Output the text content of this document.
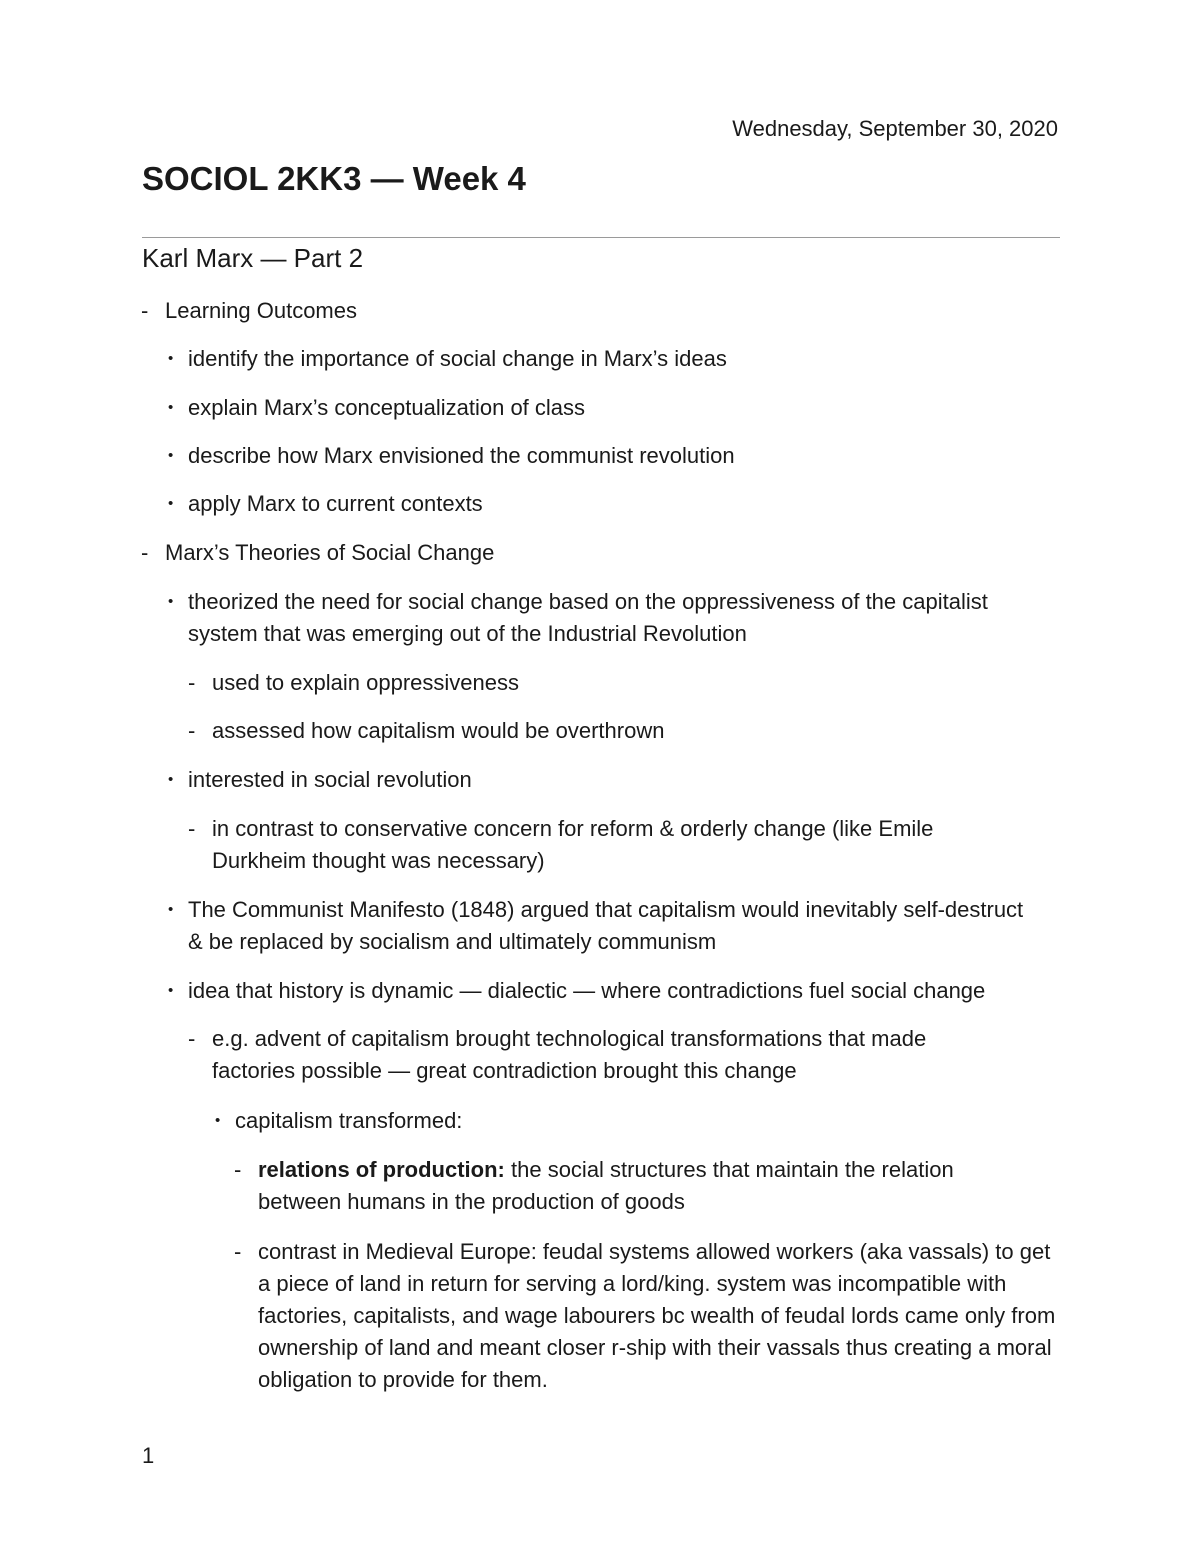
Wednesday, September 30, 2020
SOCIOL 2KK3 — Week 4
Karl Marx — Part 2
- Learning Outcomes
• identify the importance of social change in Marx’s ideas
• explain Marx’s conceptualization of class
• describe how Marx envisioned the communist revolution
• apply Marx to current contexts
- Marx’s Theories of Social Change
• theorized the need for social change based on the oppressiveness of the capitalist system that was emerging out of the Industrial Revolution
- used to explain oppressiveness
- assessed how capitalism would be overthrown
• interested in social revolution
- in contrast to conservative concern for reform & orderly change (like Emile Durkheim thought was necessary)
• The Communist Manifesto (1848) argued that capitalism would inevitably self-destruct & be replaced by socialism and ultimately communism
• idea that history is dynamic — dialectic — where contradictions fuel social change
- e.g. advent of capitalism brought technological transformations that made factories possible — great contradiction brought this change
• capitalism transformed:
- relations of production: the social structures that maintain the relation between humans in the production of goods
- contrast in Medieval Europe: feudal systems allowed workers (aka vassals) to get a piece of land in return for serving a lord/king. system was incompatible with factories, capitalists, and wage labourers bc wealth of feudal lords came only from ownership of land and meant closer r-ship with their vassals thus creating a moral obligation to provide for them.
1
